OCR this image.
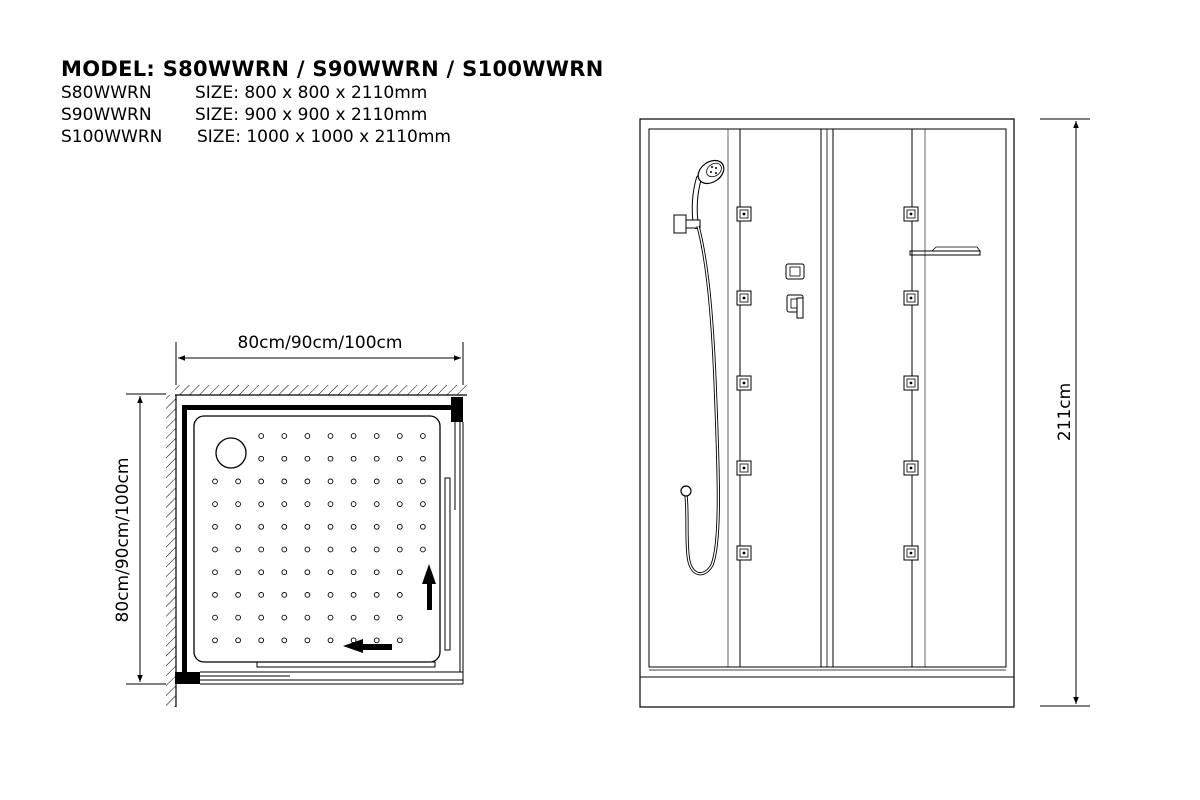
MODEL: S80WWRN / S90WWRN / S100WWRN
S80WWRN	SIZE: 800 x 800 x 2110mm
S90WWRN	SIZE: 900 x 900 x 2110mm
S100WWRN SIZE: 1000 x 1000 x 2110mm
80cm/90cm/100cm
80cm/90cm/100cm
211cm
